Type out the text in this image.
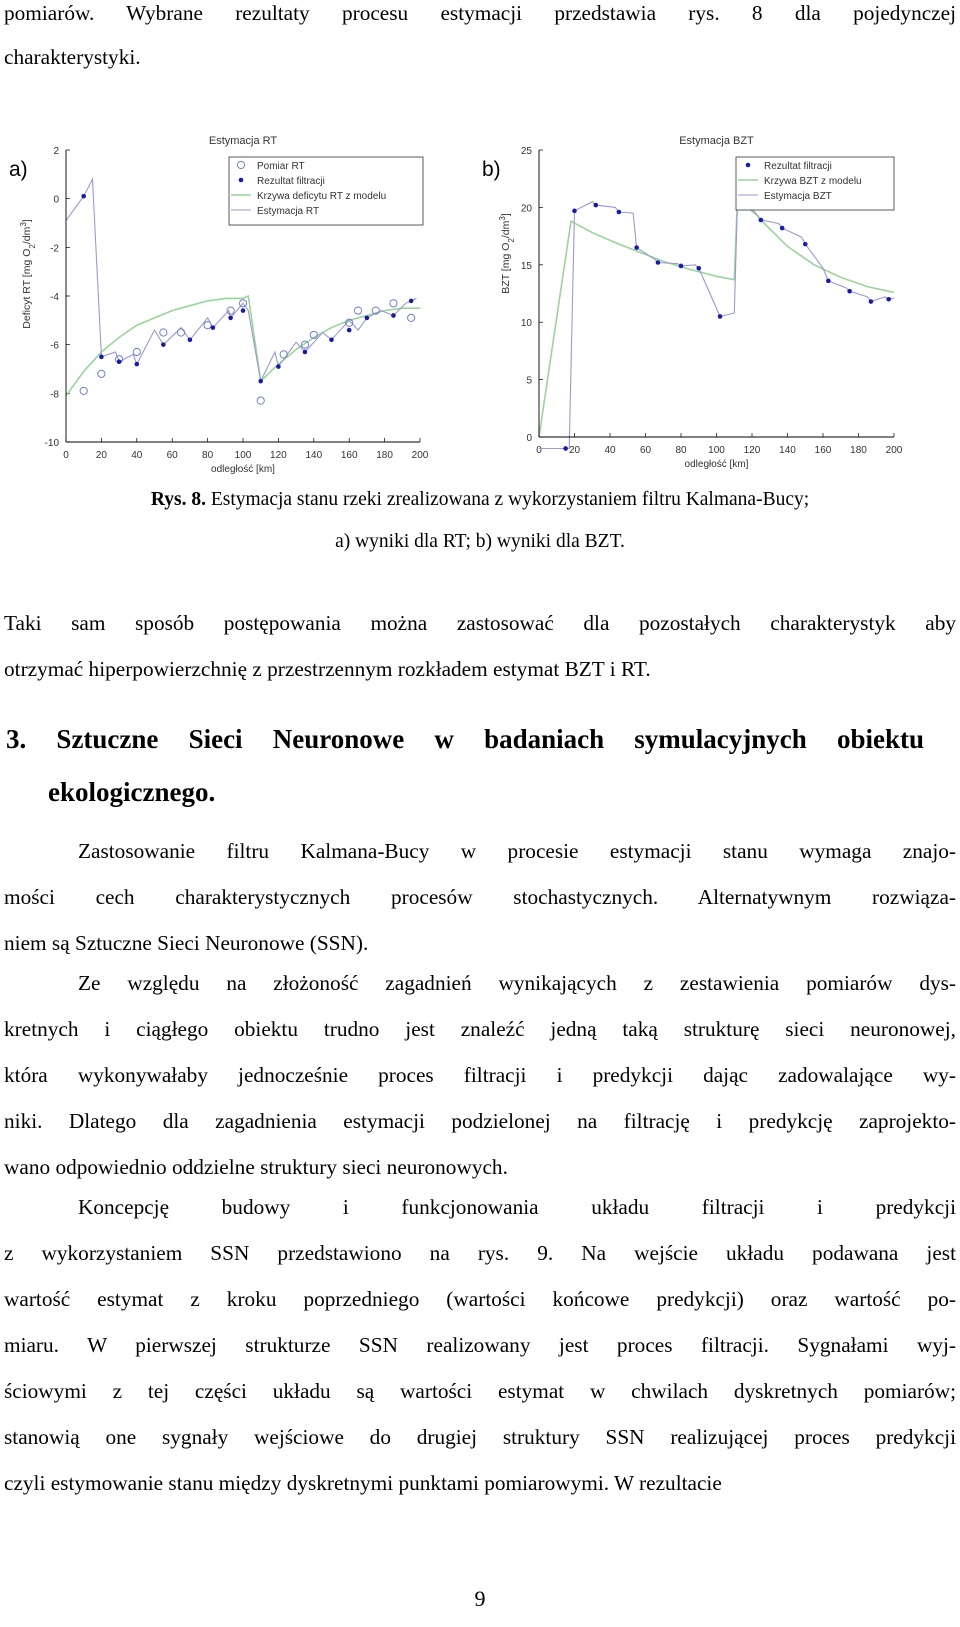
pomiarów. Wybrane rezultaty procesu estymacji przedstawia rys. 8 dla pojedynczej

charakterystyki.

a)
Estymacja RT
0	20 40 60 80 100 120 140 160 180 200
-10
-8
-6
-4
-2
0
2
odległość [km]
Deficyt RT [mg $O_2/dm^3$]
Pomiar RT
Rezultat filtracji
Krzywa deficytu RT z modelu
Estymacja RT
b)
Estymacja BZT
0	20 40 60 80 100 120 140 160 180 200
0
5
10
15
20
25
odległość [km]
BZT [mg $O_2/dm^3$]
Rezultat filtracji
Krzywa BZT z modelu
Estymacja BZT

Rys. 8. Estymacja stanu rzeki zrealizowana z wykorzystaniem filtru Kalmana-Bucy;

a) wyniki dla RT; b) wyniki dla BZT.

Taki sam sposób postępowania można zastosować dla pozostałych charakterystyk aby

otrzymać hiperpowierzchnię z przestrzennym rozkładem estymat BZT i RT.

3. Sztuczne Sieci Neuronowe w badaniach symulacyjnych obiektu

ekologicznego.

Zastosowanie filtru Kalmana-Bucy w procesie estymacji stanu wymaga znajo-

mości cech charakterystycznych procesów stochastycznych. Alternatywnym rozwiąza-

niem są Sztuczne Sieci Neuronowe (SSN).

Ze względu na złożoność zagadnień wynikających z zestawienia pomiarów dys-

kretnych i ciągłego obiektu trudno jest znaleźć jedną taką strukturę sieci neuronowej,

która wykonywałaby jednocześnie proces filtracji i predykcji dając zadowalające wy-

niki. Dlatego dla zagadnienia estymacji podzielonej na filtrację i predykcję zaprojekto-

wano odpowiednio oddzielne struktury sieci neuronowych.

Koncepcję budowy i funkcjonowania układu filtracji i predykcji

z wykorzystaniem SSN przedstawiono na rys. 9. Na wejście układu podawana jest

wartość estymat z kroku poprzedniego (wartości końcowe predykcji) oraz wartość po-

miaru. W pierwszej strukturze SSN realizowany jest proces filtracji. Sygnałami wyj-

ściowymi z tej części układu są wartości estymat w chwilach dyskretnych pomiarów;

stanowią one sygnały wejściowe do drugiej struktury SSN realizującej proces predykcji

czyli estymowanie stanu między dyskretnymi punktami pomiarowymi. W rezultacie

9
